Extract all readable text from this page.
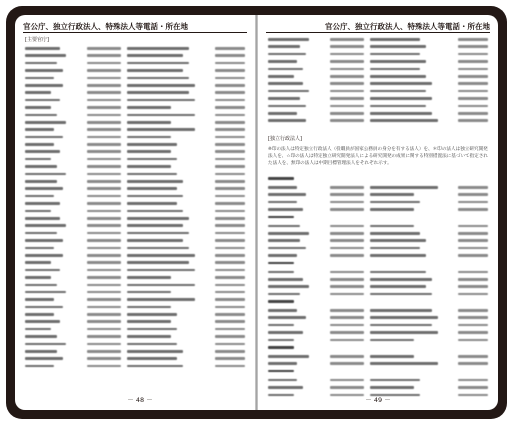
官公庁、独立行政法人、特殊法人等電話・所在地
[主要官庁]
－ 48 －
官公庁、独立行政法人、特殊法人等電話・所在地
[独立行政法人]
※印の法人は特定独立行政法人（役職員が国家公務員の身分を有する法人）を、＊印の法人は独立研究開発法人を、☆印の法人は特定独立研究開発法人による研究開発の成果に関する特別措置法に基づいて指定された法人を、無印の法人は中期目標管理法人をそれぞれ示す。
－ 49 －
